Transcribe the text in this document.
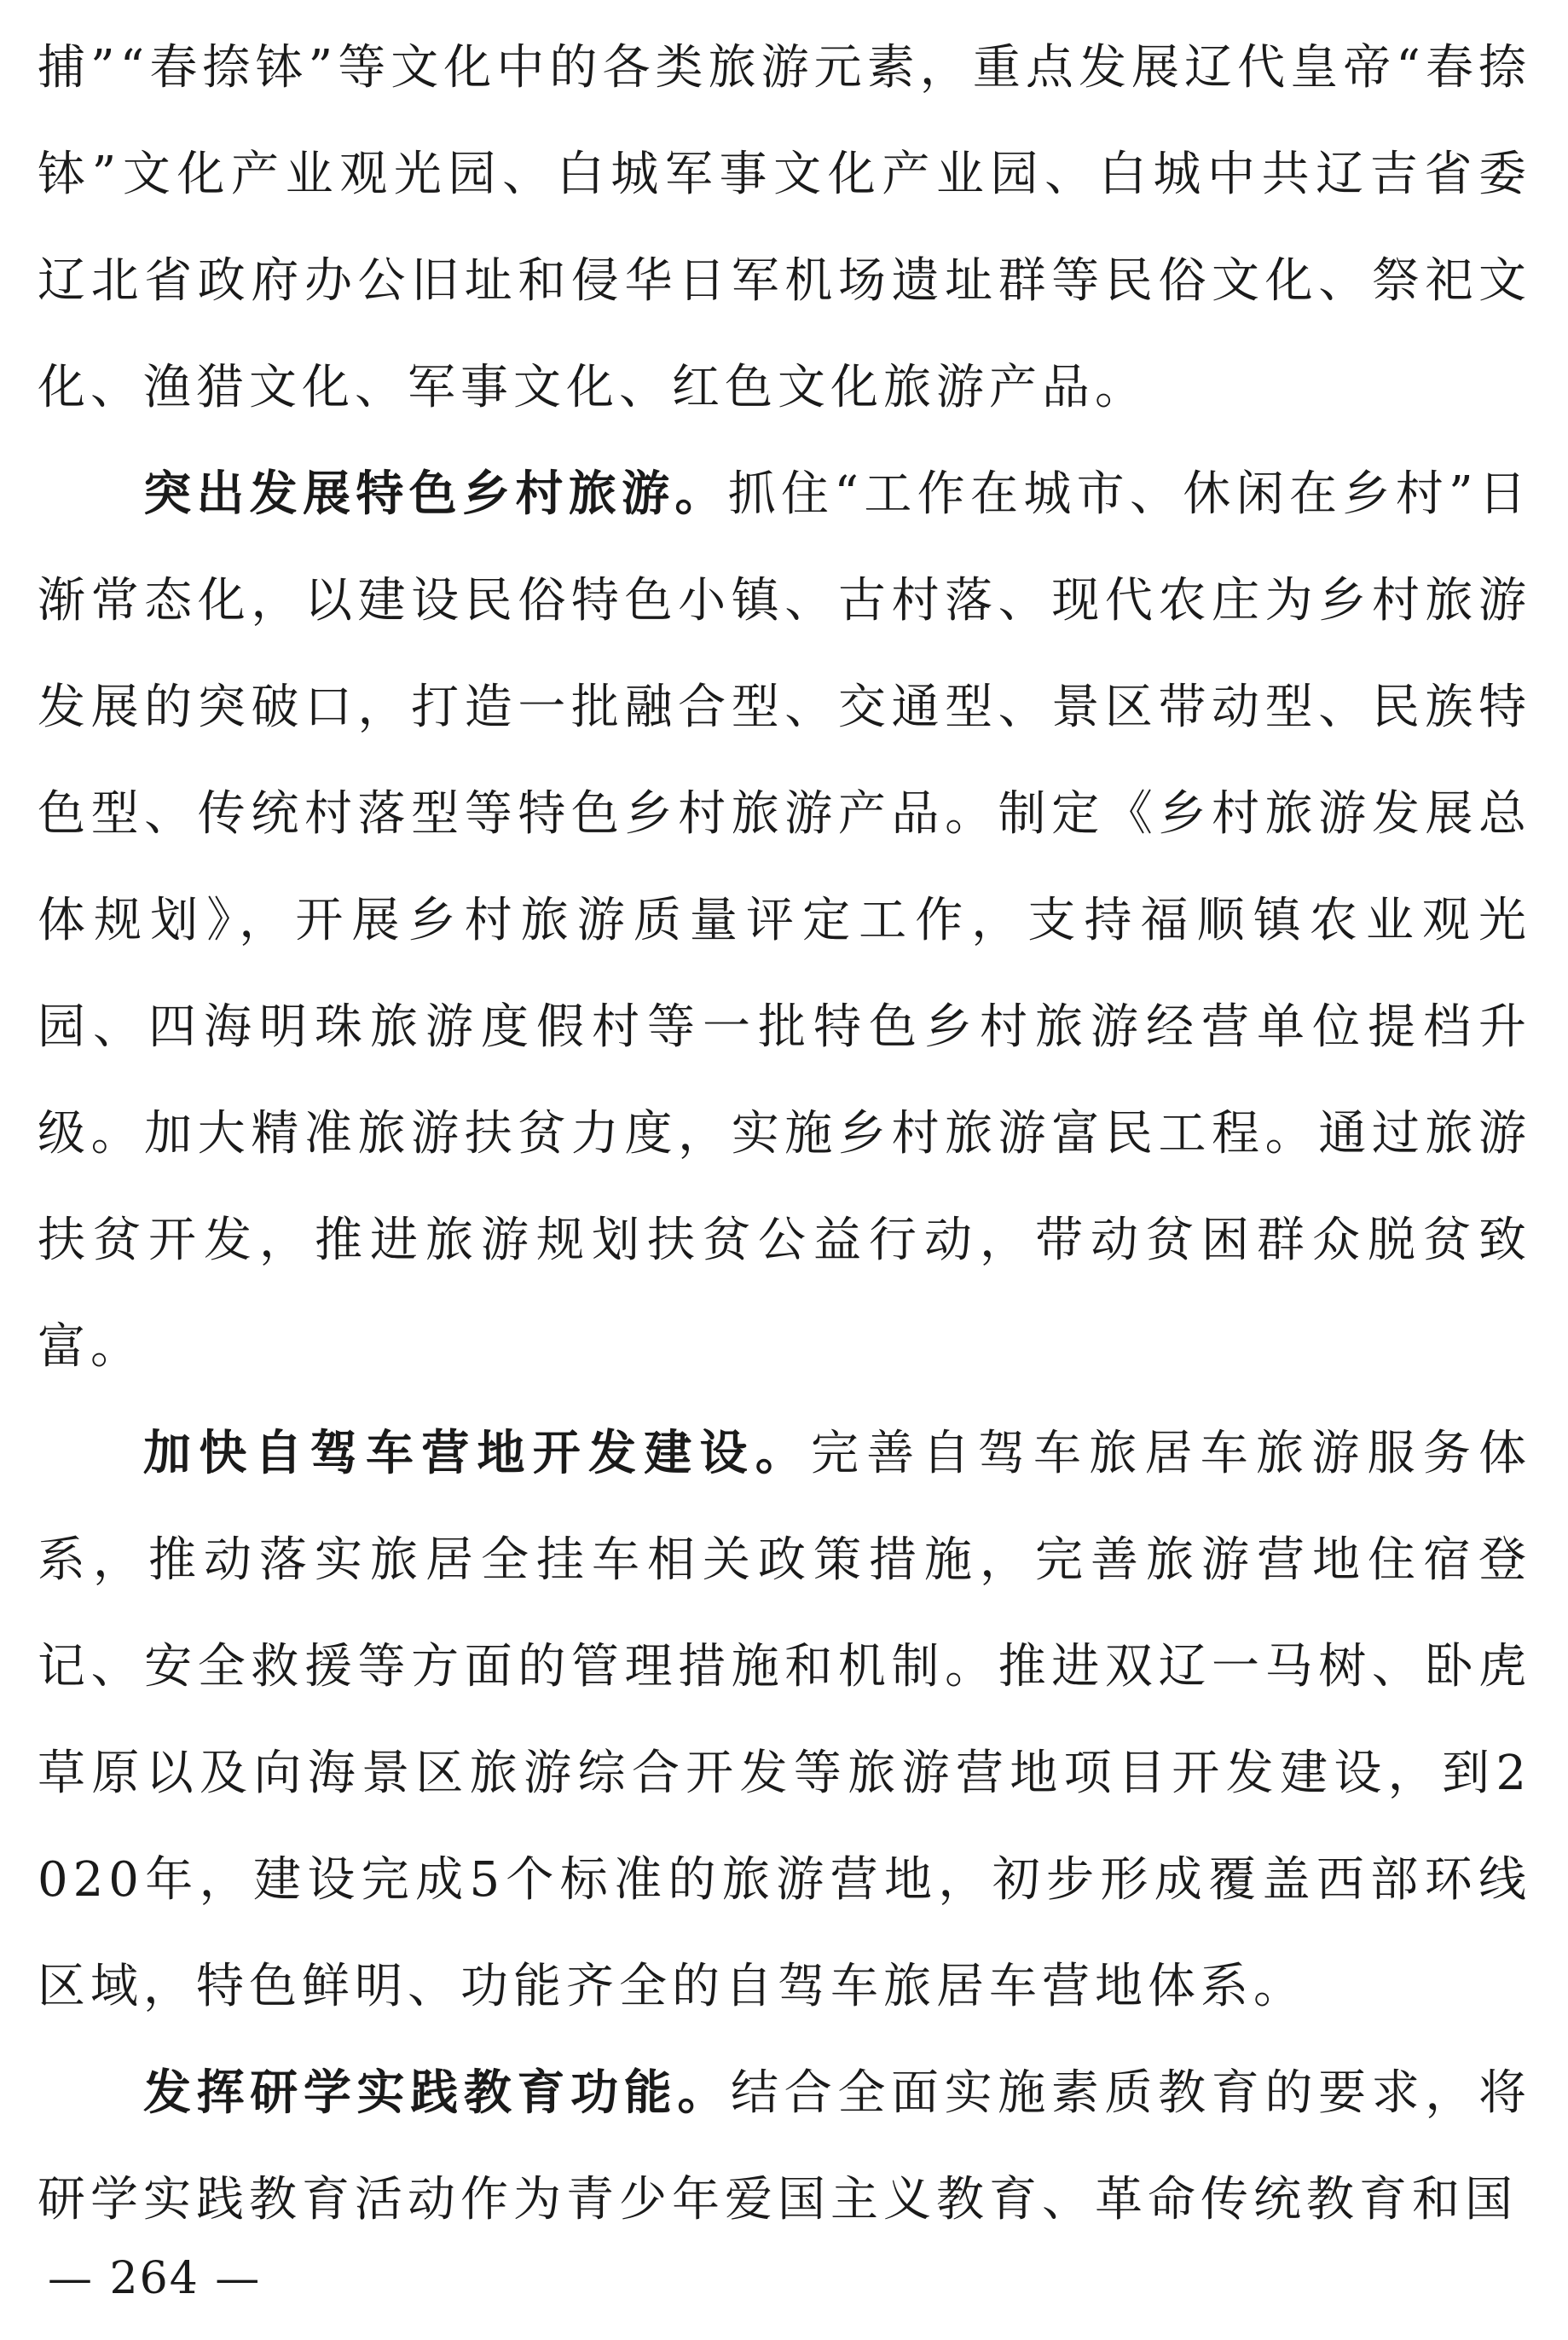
捕”“春捺钵”等文化中的各类旅游元素，重点发展辽代皇帝“春捺钵”文化产业观光园、白城军事文化产业园、白城中共辽吉省委辽北省政府办公旧址和侵华日军机场遗址群等民俗文化、祭祀文化、渔猎文化、军事文化、红色文化旅游产品。

突出发展特色乡村旅游。抓住“工作在城市、休闲在乡村”日渐常态化，以建设民俗特色小镇、古村落、现代农庄为乡村旅游发展的突破口，打造一批融合型、交通型、景区带动型、民族特色型、传统村落型等特色乡村旅游产品。制定《乡村旅游发展总体规划》，开展乡村旅游质量评定工作，支持福顺镇农业观光园、四海明珠旅游度假村等一批特色乡村旅游经营单位提档升级。加大精准旅游扶贫力度，实施乡村旅游富民工程。通过旅游扶贫开发，推进旅游规划扶贫公益行动，带动贫困群众脱贫致富。

加快自驾车营地开发建设。完善自驾车旅居车旅游服务体系，推动落实旅居全挂车相关政策措施，完善旅游营地住宿登记、安全救援等方面的管理措施和机制。推进双辽一马树、卧虎草原以及向海景区旅游综合开发等旅游营地项目开发建设，到2020年，建设完成5个标准的旅游营地，初步形成覆盖西部环线区域，特色鲜明、功能齐全的自驾车旅居车营地体系。

发挥研学实践教育功能。结合全面实施素质教育的要求，将研学实践教育活动作为青少年爱国主义教育、革命传统教育和国

— 264 —
